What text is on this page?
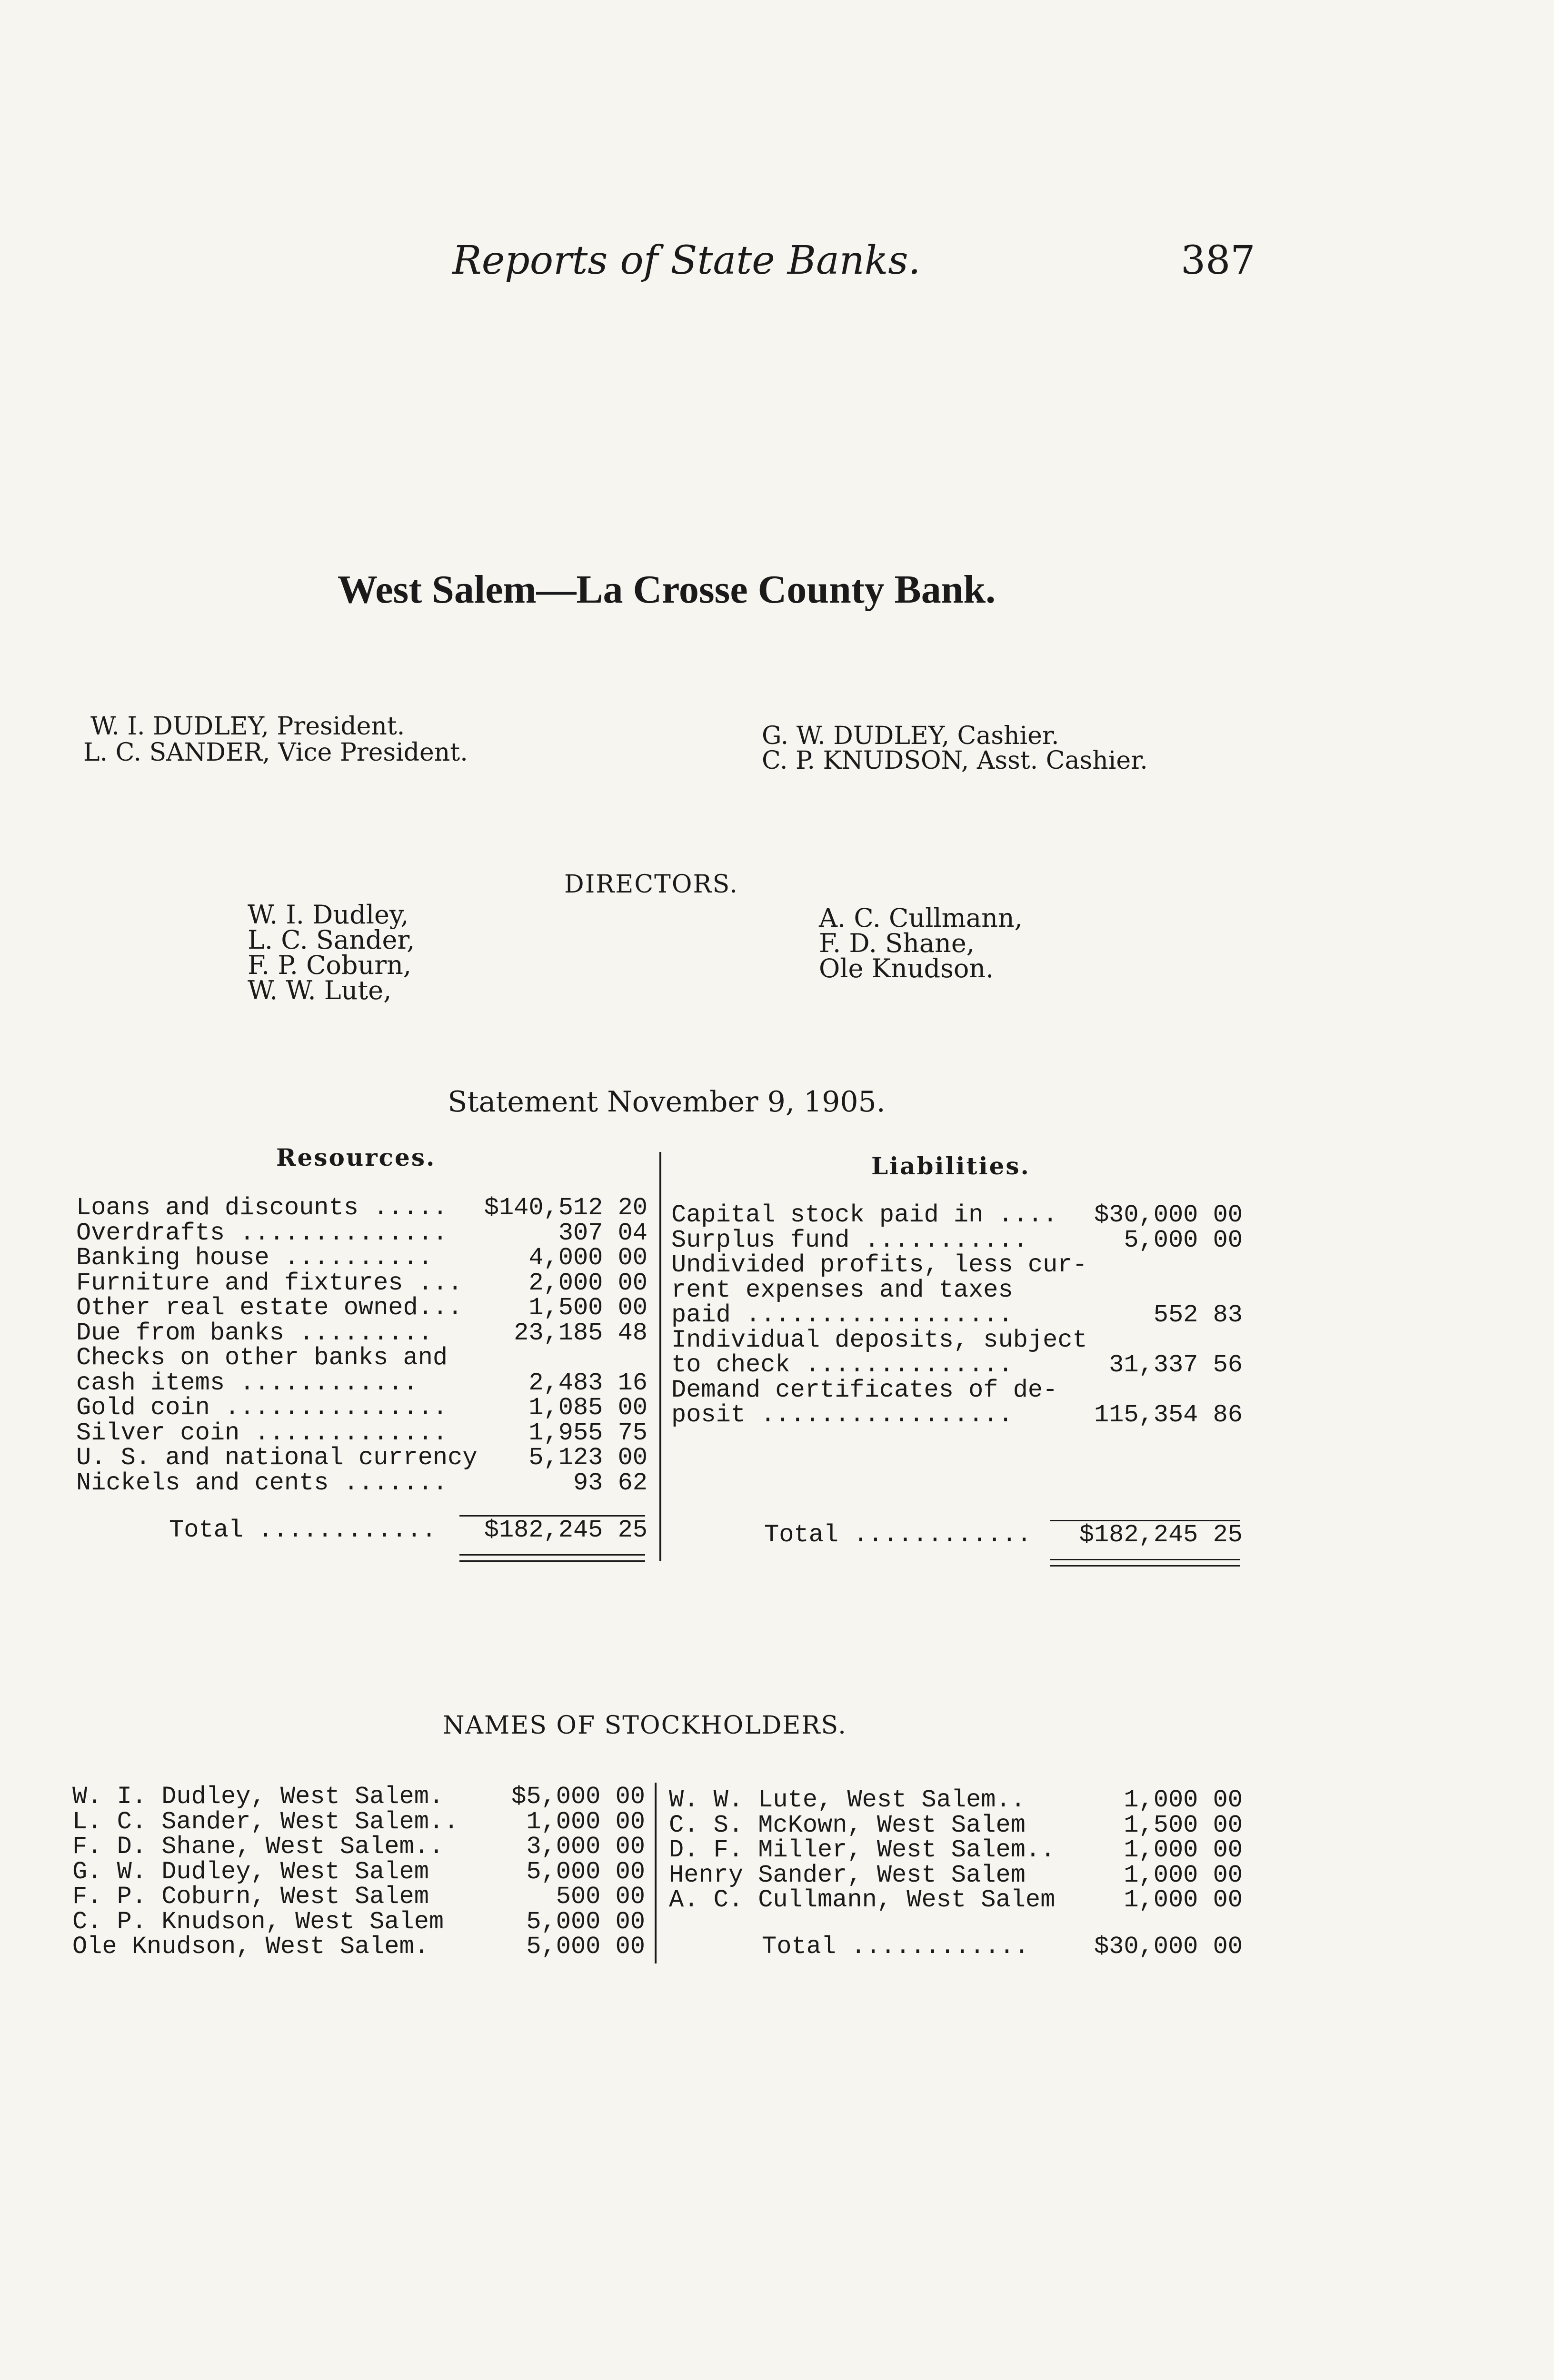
Reports of State Banks.	387
West Salem—La Crosse County Bank.
W. I. DUDLEY, President.
L. C. SANDER, Vice President.
G. W. DUDLEY, Cashier.
C. P. KNUDSON, Asst. Cashier.
DIRECTORS.
W. I. Dudley,
L. C. Sander,
F. P. Coburn,
W. W. Lute,
A. C. Cullmann,
F. D. Shane,
Ole Knudson.
Statement November 9, 1905.
Resources.	Liabilities.
Loans and discounts .....	$140,512 20
Overdrafts ..............	307 04
Banking house ..........	4,000 00
Furniture and fixtures ...	2,000 00
Other real estate owned...	1,500 00
Due from banks .........	23,185 48
Checks on other banks and
cash items ............	2,483 16
Gold coin ...............	1,085 00
Silver coin .............	1,955 75
U. S. and national currency	5,123 00
Nickels and cents .......	93 62
Capital stock paid in ....	$30,000 00
Surplus fund ...........	5,000 00
Undivided profits, less cur-
rent expenses and taxes
paid ..................	552 83
Individual deposits, subject
to check ..............	31,337 56
Demand certificates of de-
posit .................	115,354 86
Total ............	$182,245 25	Total ............	$182,245 25
NAMES OF STOCKHOLDERS.
W. I. Dudley, West Salem.	$5,000 00
L. C. Sander, West Salem..	1,000 00
F. D. Shane, West Salem..	3,000 00
G. W. Dudley, West Salem	5,000 00
F. P. Coburn, West Salem	500 00
C. P. Knudson, West Salem	5,000 00
Ole Knudson, West Salem.	5,000 00
W. W. Lute, West Salem..	1,000 00
C. S. McKown, West Salem	1,500 00
D. F. Miller, West Salem..	1,000 00
Henry Sander, West Salem	1,000 00
A. C. Cullmann, West Salem	1,000 00
Total ............	$30,000 00
